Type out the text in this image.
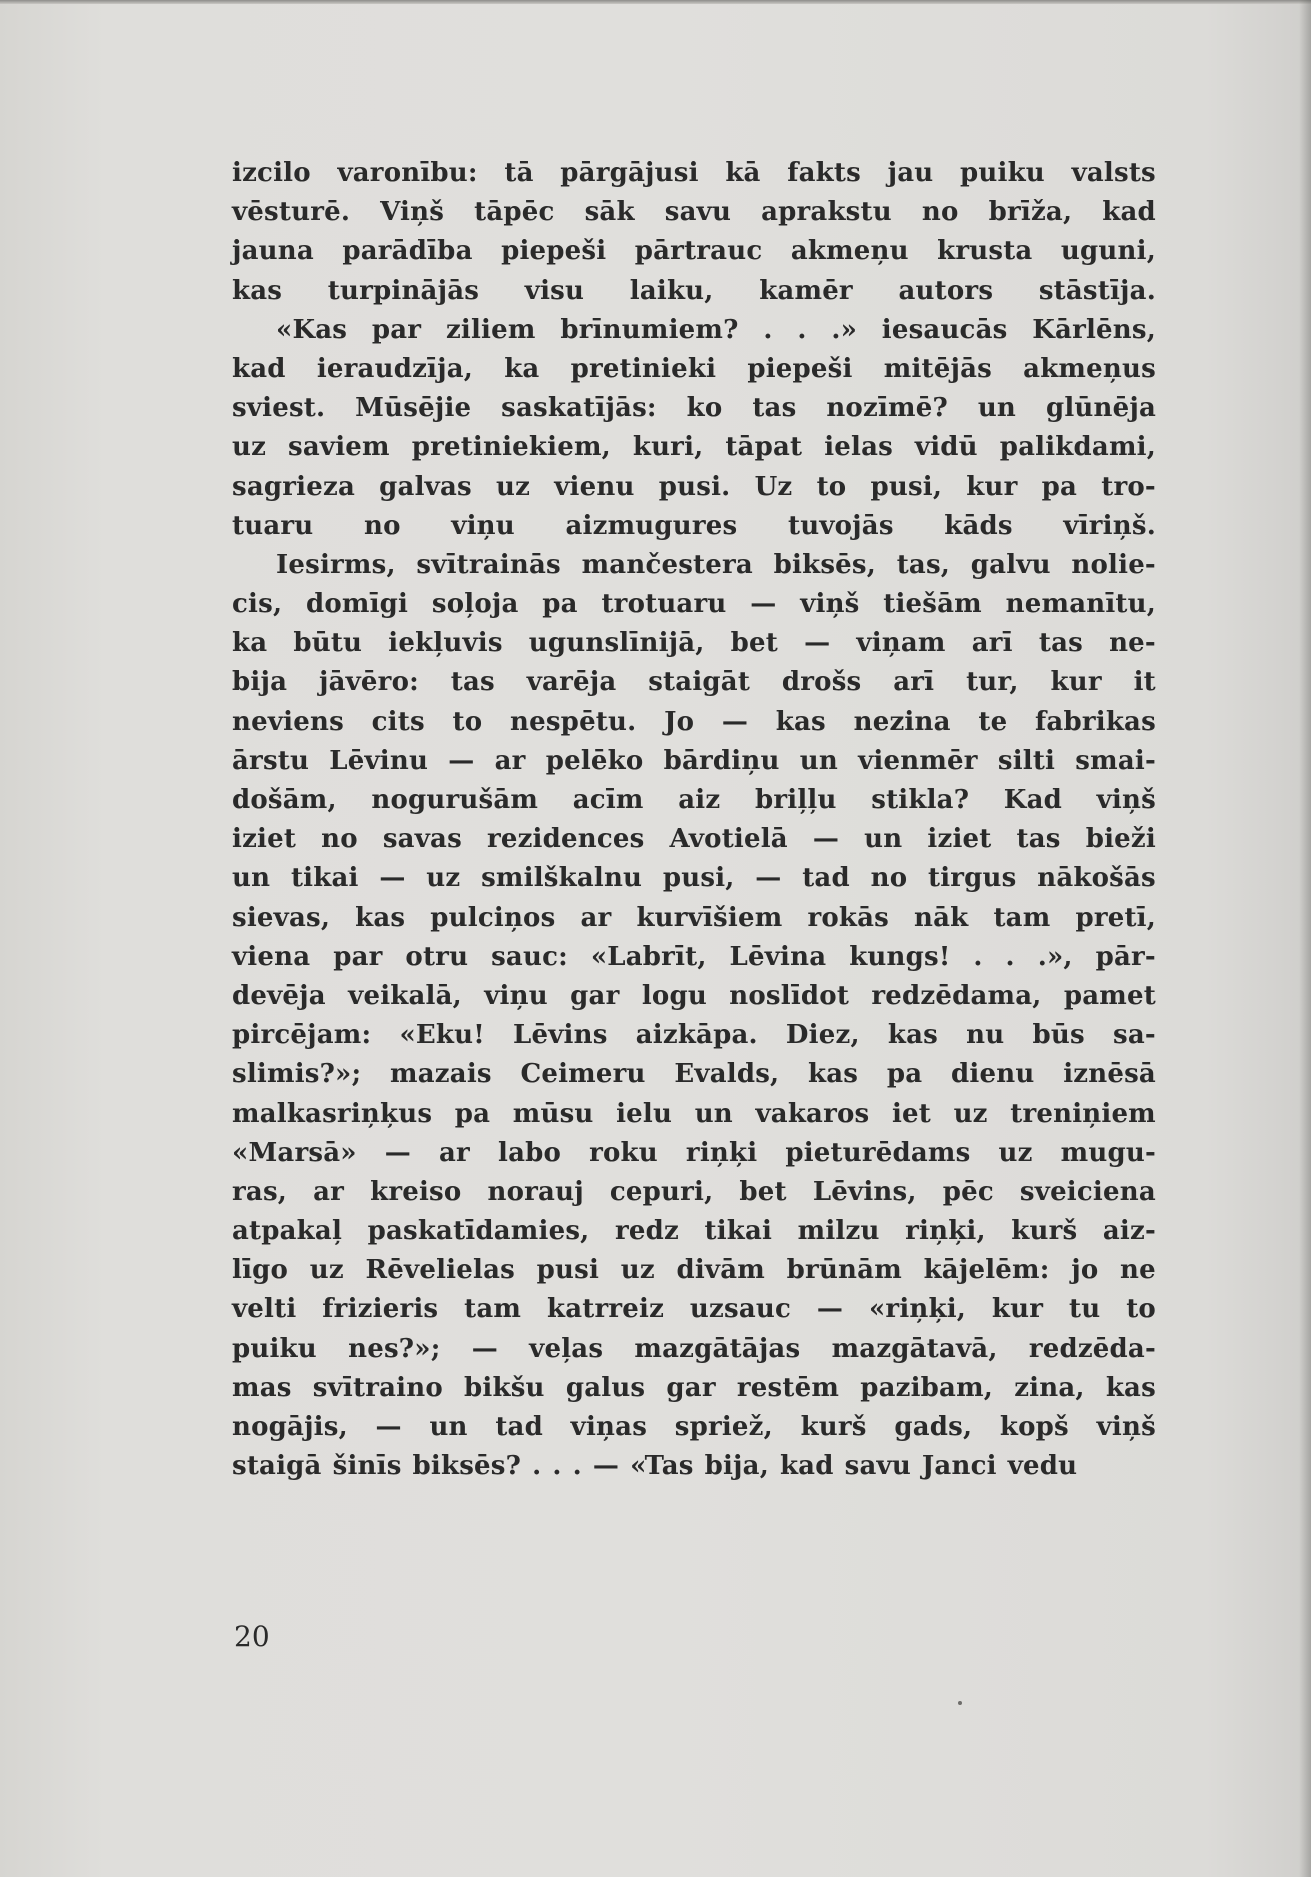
izcilo varonību: tā pārgājusi kā fakts jau puiku valsts
vēsturē. Viņš tāpēc sāk savu aprakstu no brīža, kad
jauna parādība piepeši pārtrauc akmeņu krusta uguni,
kas turpinājās visu laiku, kamēr autors stāstīja.
«Kas par ziliem brīnumiem? . . .» iesaucās Kārlēns,
kad ieraudzīja, ka pretinieki piepeši mitējās akmeņus
sviest. Mūsējie saskatījās: ko tas nozīmē? un glūnēja
uz saviem pretiniekiem, kuri, tāpat ielas vidū palikdami,
sagrieza galvas uz vienu pusi. Uz to pusi, kur pa tro-
tuaru no viņu aizmugures tuvojās kāds vīriņš.
Iesirms, svītrainās mančestera biksēs, tas, galvu nolie-
cis, domīgi soļoja pa trotuaru — viņš tiešām nemanītu,
ka būtu iekļuvis ugunslīnijā, bet — viņam arī tas ne-
bija jāvēro: tas varēja staigāt drošs arī tur, kur it
neviens cits to nespētu. Jo — kas nezina te fabrikas
ārstu Lēvinu — ar pelēko bārdiņu un vienmēr silti smai-
došām, nogurušām acīm aiz briļļu stikla? Kad viņš
iziet no savas rezidences Avotielā — un iziet tas bieži
un tikai — uz smilškalnu pusi, — tad no tirgus nākošās
sievas, kas pulciņos ar kurvīšiem rokās nāk tam pretī,
viena par otru sauc: «Labrīt, Lēvina kungs! . . .», pār-
devēja veikalā, viņu gar logu noslīdot redzēdama, pamet
pircējam: «Eku! Lēvins aizkāpa. Diez, kas nu būs sa-
slimis?»; mazais Ceimeru Evalds, kas pa dienu iznēsā
malkasriņķus pa mūsu ielu un vakaros iet uz treniņiem
«Marsā» — ar labo roku riņķi pieturēdams uz mugu-
ras, ar kreiso norauj cepuri, bet Lēvins, pēc sveiciena
atpakaļ paskatīdamies, redz tikai milzu riņķi, kurš aiz-
līgo uz Rēvelielas pusi uz divām brūnām kājelēm: jo ne
velti frizieris tam katrreiz uzsauc — «riņķi, kur tu to
puiku nes?»; — veļas mazgātājas mazgātavā, redzēda-
mas svītraino bikšu galus gar restēm pazibam, zina, kas
nogājis, — un tad viņas spriež, kurš gads, kopš viņš
staigā šinīs biksēs? . . . — «Tas bija, kad savu Janci vedu
20
